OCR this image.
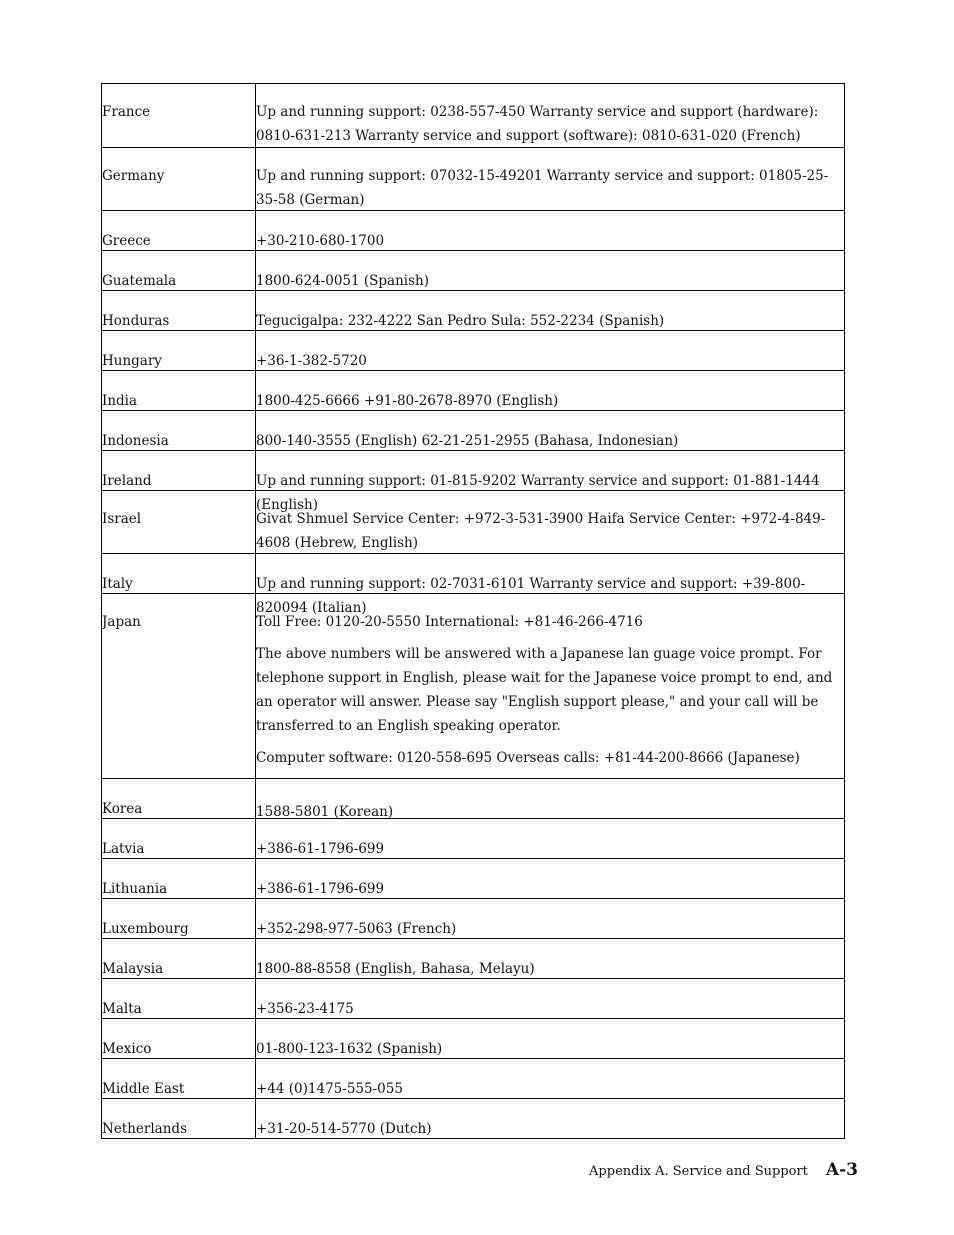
France	Up and running support: 0238-557-450 Warranty service and support (hardware): 0810-631-213 Warranty service and support (software): 0810-631-020 (French)
Germany	Up and running support: 07032-15-49201 Warranty service and support: 01805-25-35-58 (German)
Greece	+30-210-680-1700
Guatemala	1800-624-0051 (Spanish)
Honduras	Tegucigalpa: 232-4222 San Pedro Sula: 552-2234 (Spanish)
Hungary	+36-1-382-5720
India	1800-425-6666 +91-80-2678-8970 (English)
Indonesia	800-140-3555 (English) 62-21-251-2955 (Bahasa, Indonesian)
Ireland	Up and running support: 01-815-9202 Warranty service and support: 01-881-1444 (English)
Israel	Givat Shmuel Service Center: +972-3-531-3900 Haifa Service Center: +972-4-849-4608 (Hebrew, English)
Italy	Up and running support: 02-7031-6101 Warranty service and support: +39-800-820094 (Italian)
Japan	Toll Free: 0120-20-5550 International: +81-46-266-4716

The above numbers will be answered with a Japanese lan guage voice prompt. For telephone support in English, please wait for the Japanese voice prompt to end, and an operator will answer. Please say "English support please," and your call will be transferred to an English speaking operator.

Computer software: 0120-558-695 Overseas calls: +81-44-200-8666 (Japanese)

Korea	1588-5801 (Korean)
Latvia	+386-61-1796-699
Lithuania	+386-61-1796-699
Luxembourg	+352-298-977-5063 (French)
Malaysia	1800-88-8558 (English, Bahasa, Melayu)
Malta	+356-23-4175
Mexico	01-800-123-1632 (Spanish)
Middle East	+44 (0)1475-555-055
Netherlands	+31-20-514-5770 (Dutch)
Appendix A. Service and Support A-3
